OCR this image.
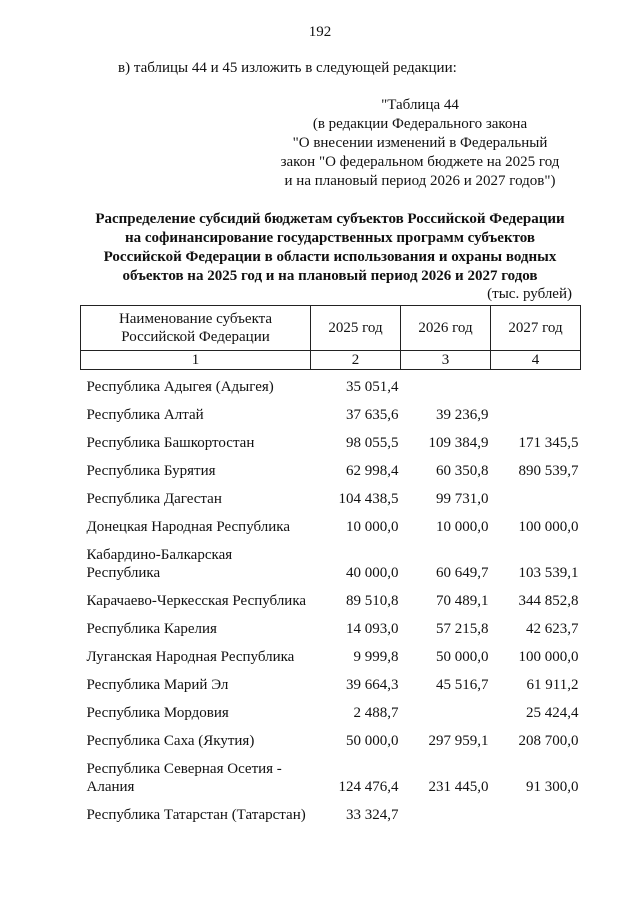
192
в) таблицы 44 и 45 изложить в следующей редакции:
"Таблица 44
(в редакции Федерального закона
"О внесении изменений в Федеральный
закон "О федеральном бюджете на 2025 год
и на плановый период 2026 и 2027 годов")
Распределение субсидий бюджетам субъектов Российской Федерации
на софинансирование государственных программ субъектов
Российской Федерации в области использования и охраны водных
объектов на 2025 год и на плановый период 2026 и 2027 годов
(тыс. рублей)
Наименование субъекта
Российской Федерации	2025 год	2026 год	2027 год
1	2	3	4
Республика Адыгея (Адыгея)	35 051,4		
Республика Алтай	37 635,6	39 236,9	
Республика Башкортостан	98 055,5	109 384,9	171 345,5
Республика Бурятия	62 998,4	60 350,8	890 539,7
Республика Дагестан	104 438,5	99 731,0	
Донецкая Народная Республика	10 000,0	10 000,0	100 000,0

Кабардино-Балкарская
Республика	40 000,0	60 649,7	103 539,1
Карачаево-Черкесская Республика	89 510,8	70 489,1	344 852,8
Республика Карелия	14 093,0	57 215,8	42 623,7
Луганская Народная Республика	9 999,8	50 000,0	100 000,0
Республика Марий Эл	39 664,3	45 516,7	61 911,2
Республика Мордовия	2 488,7		25 424,4
Республика Саха (Якутия)	50 000,0	297 959,1	208 700,0

Республика Северная Осетия -
Алания	124 476,4	231 445,0	91 300,0
Республика Татарстан (Татарстан)	33 324,7		
